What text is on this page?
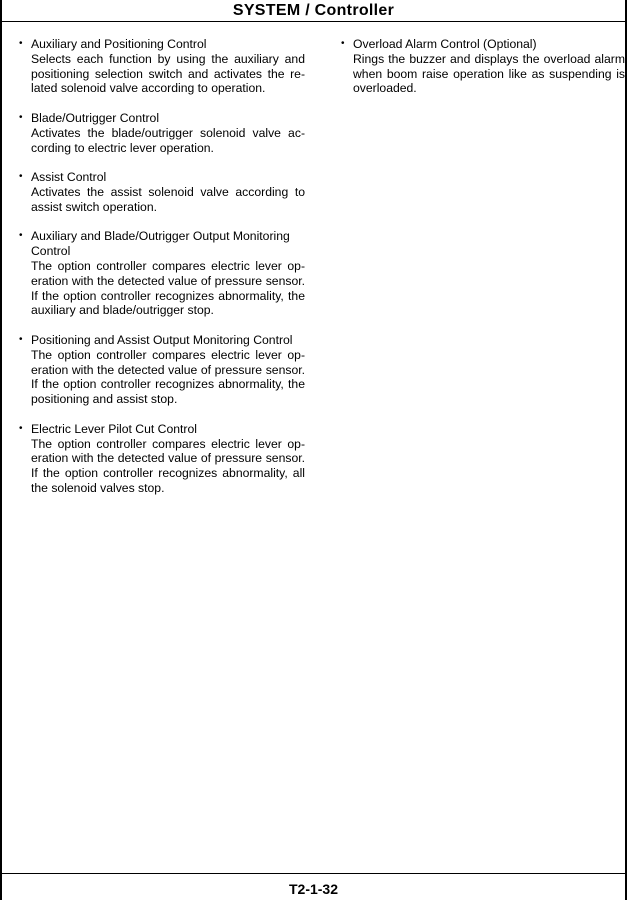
SYSTEM / Controller
• Auxiliary and Positioning Control
Selects each function by using the auxiliary and positioning selection switch and activates the related solenoid valve according to operation.
• Blade/Outrigger Control
Activates the blade/outrigger solenoid valve according to electric lever operation.
• Assist Control
Activates the assist solenoid valve according to assist switch operation.
• Auxiliary and Blade/Outrigger Output Monitoring Control
The option controller compares electric lever operation with the detected value of pressure sensor. If the option controller recognizes abnormality, the auxiliary and blade/outrigger stop.
• Positioning and Assist Output Monitoring Control
The option controller compares electric lever operation with the detected value of pressure sensor. If the option controller recognizes abnormality, the positioning and assist stop.
• Electric Lever Pilot Cut Control
The option controller compares electric lever operation with the detected value of pressure sensor. If the option controller recognizes abnormality, all the solenoid valves stop.
• Overload Alarm Control (Optional)
Rings the buzzer and displays the overload alarm when boom raise operation like as suspending is overloaded.
T2-1-32
